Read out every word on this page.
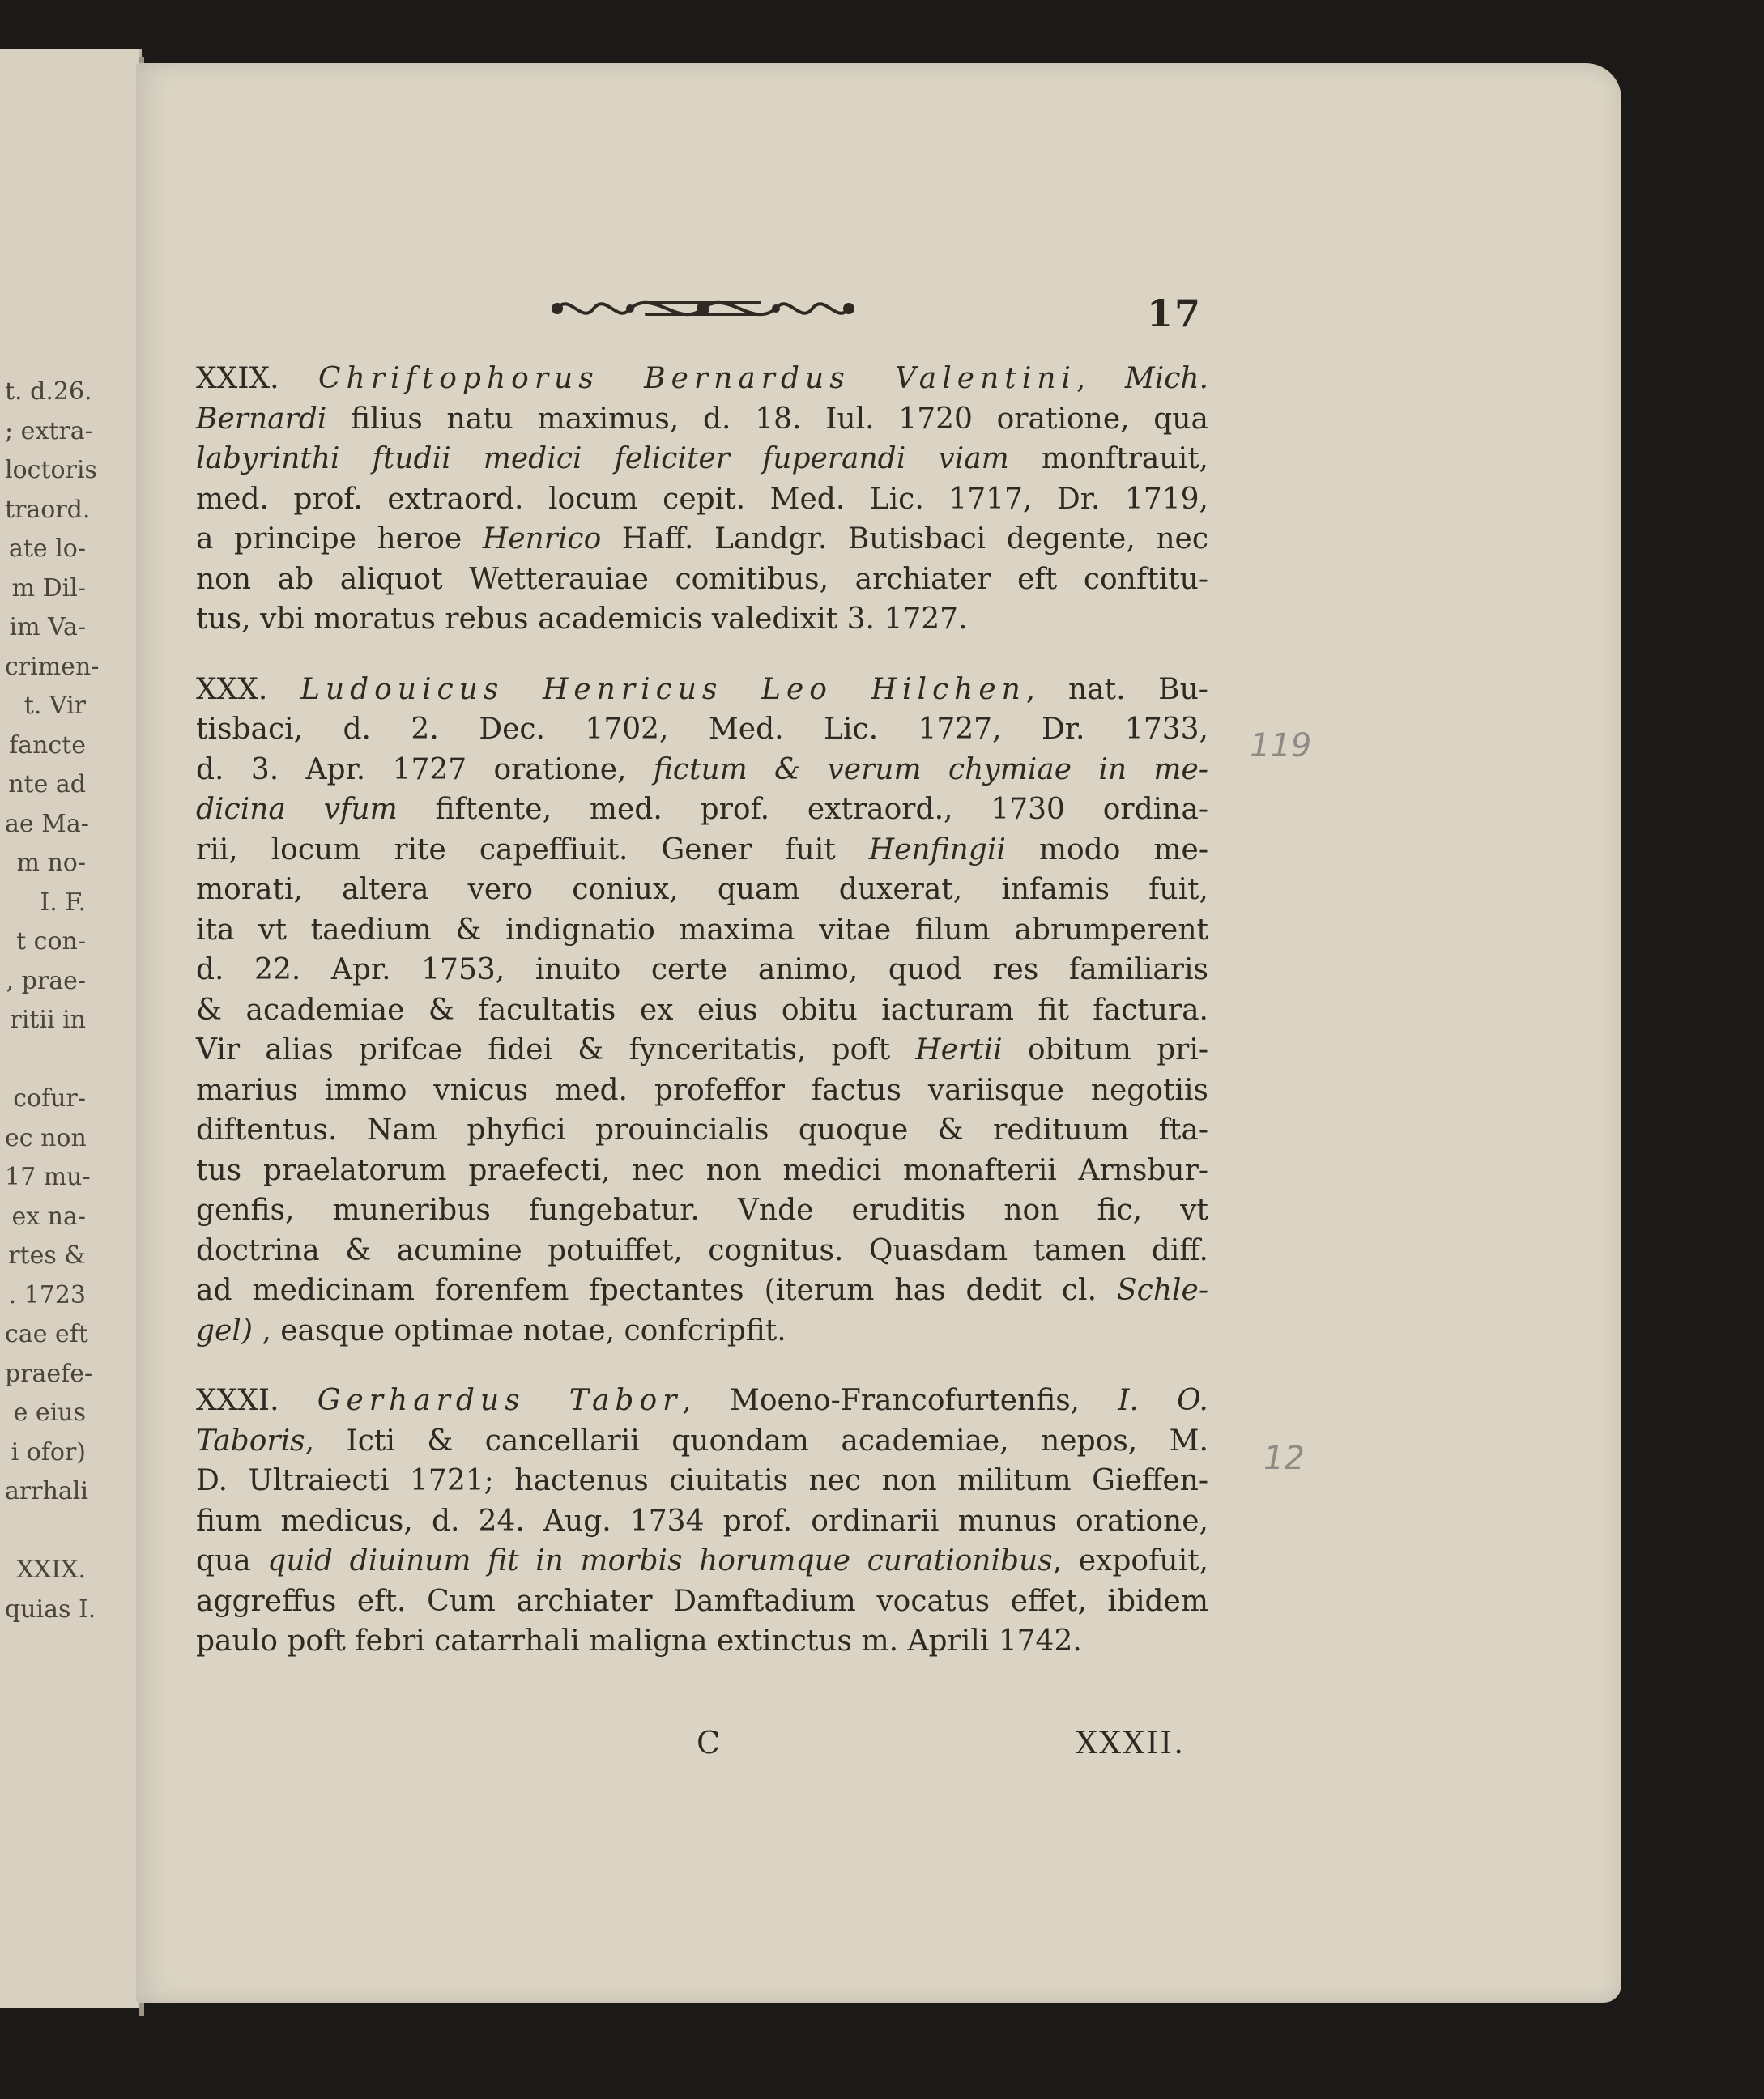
t. d.26.
; extra-
loctoris
traord.
ate lo-
m Dil-
im Va-
crimen-
t. Vir
fancte
nte ad
ae Ma-
m no-
I. F.
t con-
, prae-
ritii in
cofur-
ec non
17 mu-
ex na-
rtes &
. 1723
cae eft
praefe-
e eius
i ofor)
arrhali
XXIX.
quias I.
17
XXIX. Chriftophorus Bernardus Valentini, Mich.
Bernardi filius natu maximus, d. 18. Iul. 1720 oratione, qua
labyrinthi ftudii medici feliciter fuperandi viam monftrauit,
med. prof. extraord. locum cepit. Med. Lic. 1717, Dr. 1719,
a principe heroe Henrico Haff. Landgr. Butisbaci degente, nec
non ab aliquot Wetterauiae comitibus, archiater eft conftitu-
tus, vbi moratus rebus academicis valedixit 3. 1727.
XXX. Ludouicus Henricus Leo Hilchen, nat. Bu-
tisbaci, d. 2. Dec. 1702, Med. Lic. 1727, Dr. 1733,
d. 3. Apr. 1727 oratione, fictum & verum chymiae in me-
dicina vfum fiftente, med. prof. extraord., 1730 ordina-
rii, locum rite capeffiuit. Gener fuit Henfingii modo me-
morati, altera vero coniux, quam duxerat, infamis fuit,
ita vt taedium & indignatio maxima vitae filum abrumperent
d. 22. Apr. 1753, inuito certe animo, quod res familiaris
& academiae & facultatis ex eius obitu iacturam fit factura.
Vir alias prifcae fidei & fynceritatis, poft Hertii obitum pri-
marius immo vnicus med. profeffor factus variisque negotiis
diftentus. Nam phyfici prouincialis quoque & redituum fta-
tus praelatorum praefecti, nec non medici monafterii Arnsbur-
genfis, muneribus fungebatur. Vnde eruditis non fic, vt
doctrina & acumine potuiffet, cognitus. Quasdam tamen diff.
ad medicinam forenfem fpectantes (iterum has dedit cl. Schle-
gel) , easque optimae notae, confcripfit.
XXXI. Gerhardus Tabor, Moeno-Francofurtenfis, I. O.
Taboris, Icti & cancellarii quondam academiae, nepos, M.
D. Ultraiecti 1721; hactenus ciuitatis nec non militum Gieffen-
fium medicus, d. 24. Aug. 1734 prof. ordinarii munus oratione,
qua quid diuinum fit in morbis horumque curationibus, expofuit,
aggreffus eft. Cum archiater Damftadium vocatus effet, ibidem
paulo poft febri catarrhali maligna extinctus m. Aprili 1742.
C	XXXII.
119
12
